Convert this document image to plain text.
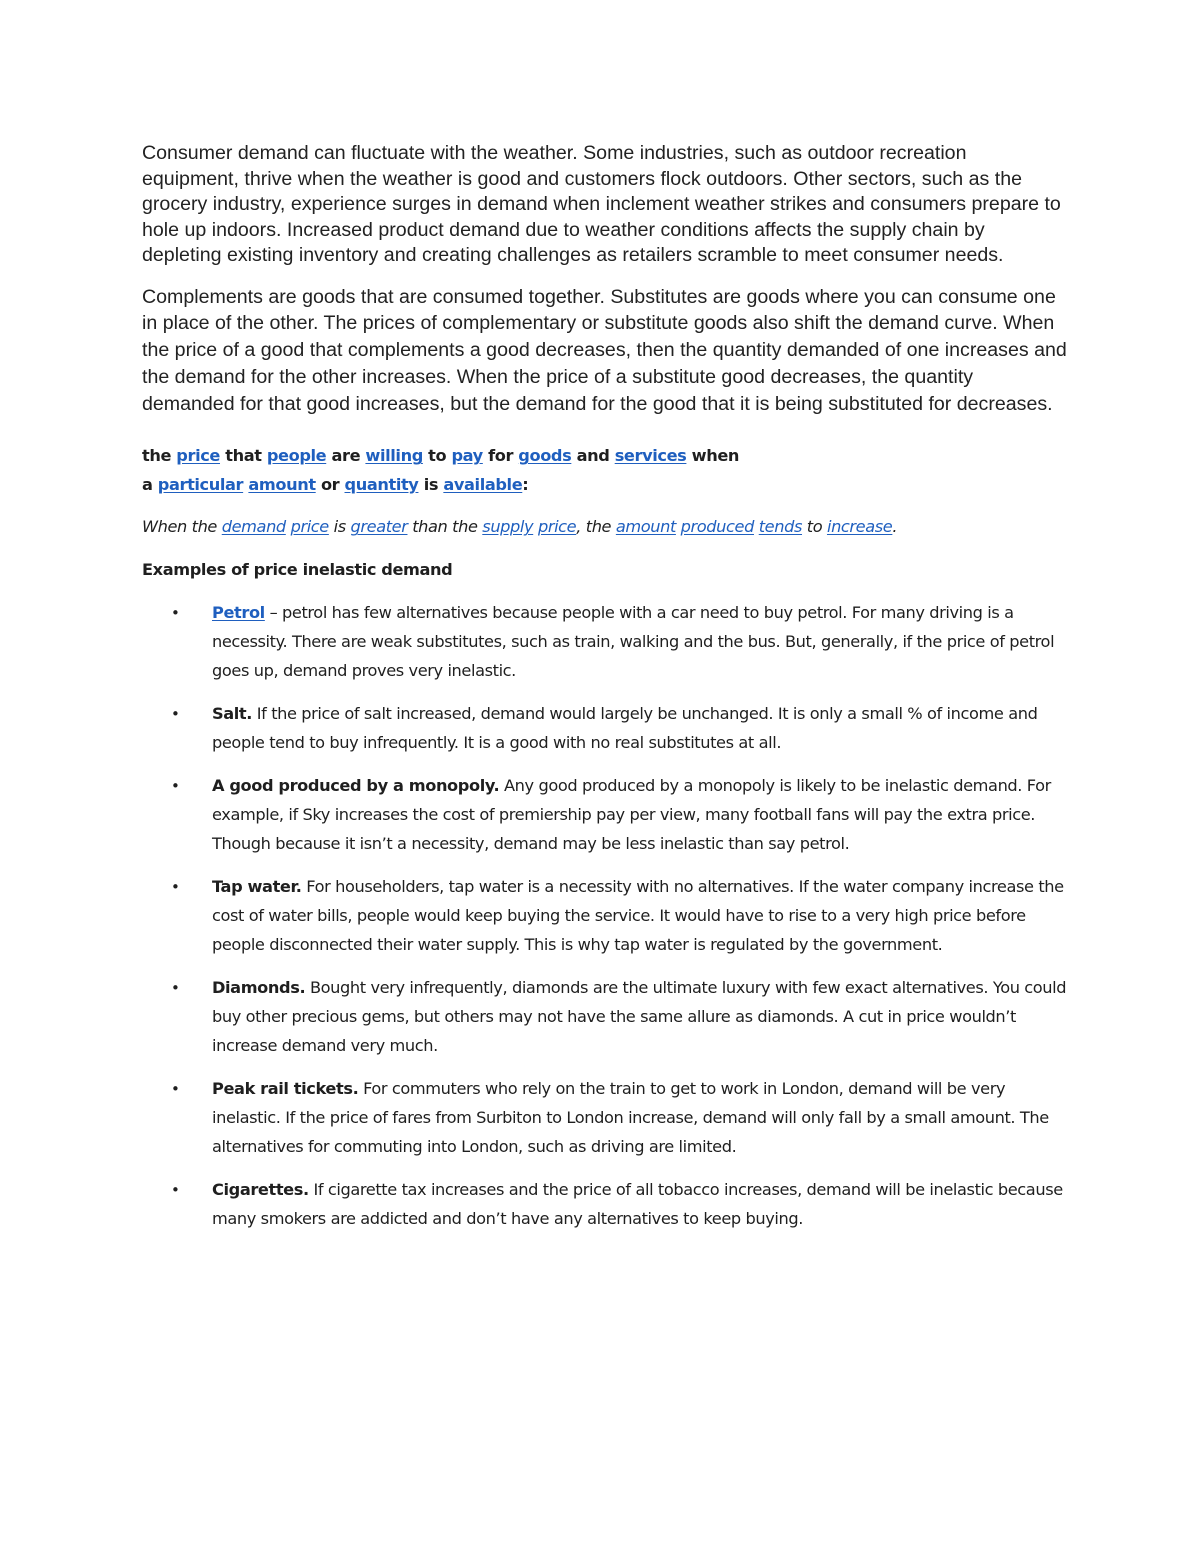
Consumer demand can fluctuate with the weather. Some industries, such as outdoor recreation equipment, thrive when the weather is good and customers flock outdoors. Other sectors, such as the grocery industry, experience surges in demand when inclement weather strikes and consumers prepare to hole up indoors. Increased product demand due to weather conditions affects the supply chain by depleting existing inventory and creating challenges as retailers scramble to meet consumer needs.

Complements are goods that are consumed together. Substitutes are goods where you can consume one in place of the other. The prices of complementary or substitute goods also shift the demand curve. When the price of a good that complements a good decreases, then the quantity demanded of one increases and the demand for the other increases. When the price of a substitute good decreases, the quantity demanded for that good increases, but the demand for the good that it is being substituted for decreases.

the price that people are willing to pay for goods and services when
a particular amount or quantity is available:

When the demand price is greater than the supply price, the amount produced tends to increase.

Examples of price inelastic demand

• Petrol – petrol has few alternatives because people with a car need to buy petrol. For many driving is a necessity. There are weak substitutes, such as train, walking and the bus. But, generally, if the price of petrol goes up, demand proves very inelastic.
• Salt. If the price of salt increased, demand would largely be unchanged. It is only a small % of income and people tend to buy infrequently. It is a good with no real substitutes at all.
• A good produced by a monopoly. Any good produced by a monopoly is likely to be inelastic demand. For example, if Sky increases the cost of premiership pay per view, many football fans will pay the extra price. Though because it isn’t a necessity, demand may be less inelastic than say petrol.
• Tap water. For householders, tap water is a necessity with no alternatives. If the water company increase the cost of water bills, people would keep buying the service. It would have to rise to a very high price before people disconnected their water supply. This is why tap water is regulated by the government.
• Diamonds. Bought very infrequently, diamonds are the ultimate luxury with few exact alternatives. You could buy other precious gems, but others may not have the same allure as diamonds. A cut in price wouldn’t increase demand very much.
• Peak rail tickets. For commuters who rely on the train to get to work in London, demand will be very inelastic. If the price of fares from Surbiton to London increase, demand will only fall by a small amount. The alternatives for commuting into London, such as driving are limited.
• Cigarettes. If cigarette tax increases and the price of all tobacco increases, demand will be inelastic because many smokers are addicted and don’t have any alternatives to keep buying.
